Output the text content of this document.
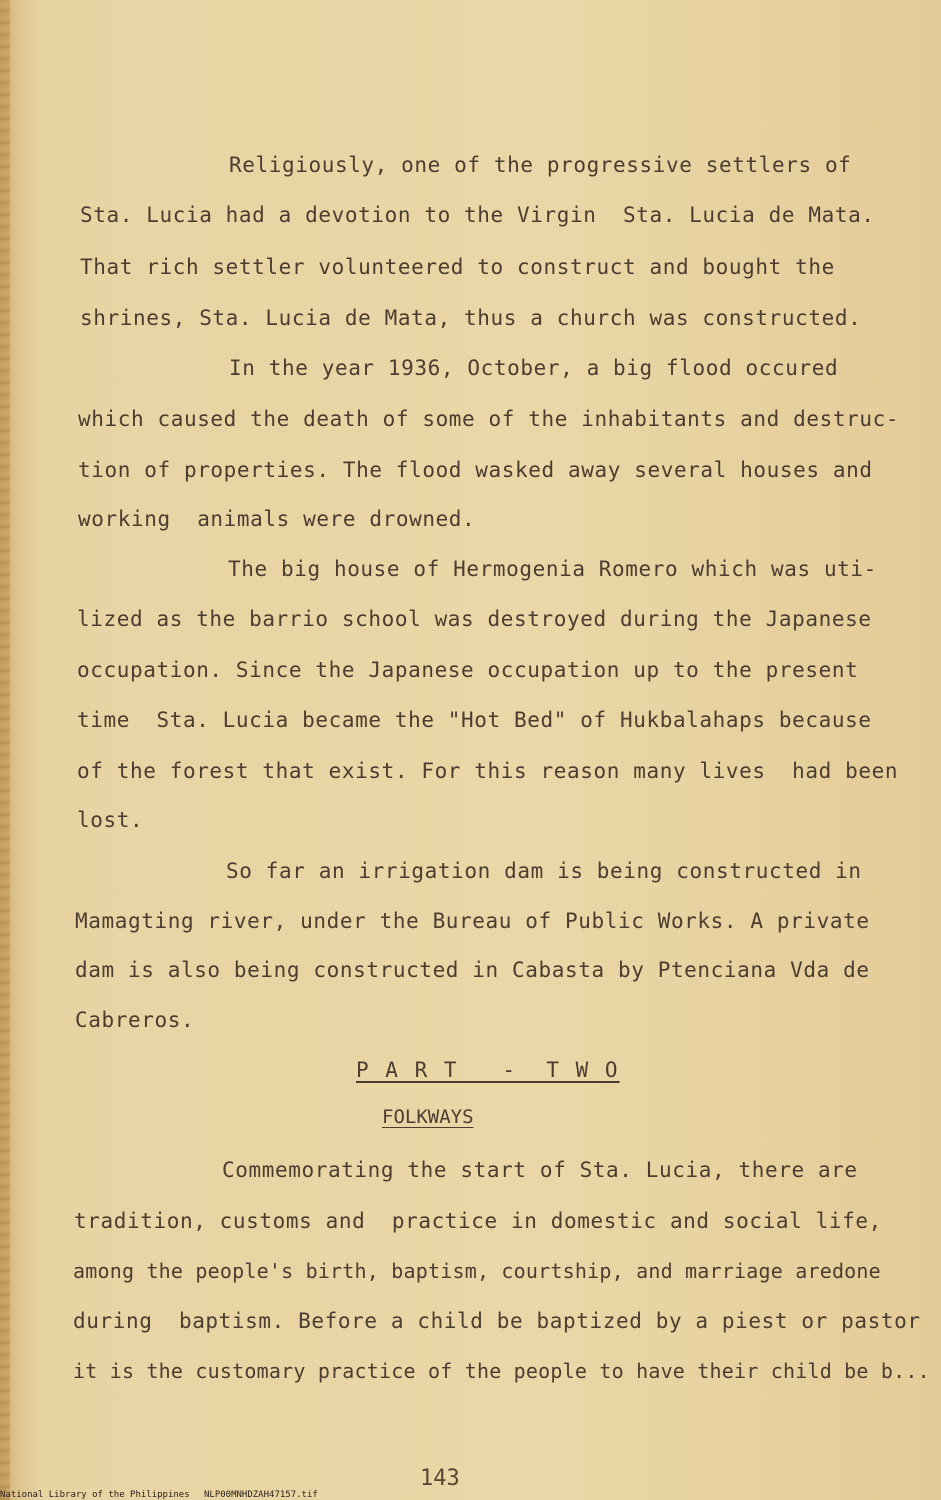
Religiously, one of the progressive settlers of
Sta. Lucia had a devotion to the Virgin  Sta. Lucia de Mata.
That rich settler volunteered to construct and bought the
shrines, Sta. Lucia de Mata, thus a church was constructed.
In the year 1936, October, a big flood occured
which caused the death of some of the inhabitants and destruc-
tion of properties. The flood wasked away several houses and
working  animals were drowned.
The big house of Hermogenia Romero which was uti-
lized as the barrio school was destroyed during the Japanese
occupation. Since the Japanese occupation up to the present
time  Sta. Lucia became the "Hot Bed" of Hukbalahaps because
of the forest that exist. For this reason many lives  had been
lost.
So far an irrigation dam is being constructed in
Mamagting river, under the Bureau of Public Works. A private
dam is also being constructed in Cabasta by Ptenciana Vda de
Cabreros.
P A R T   -  T W O
FOLKWAYS
Commemorating the start of Sta. Lucia, there are
tradition, customs and  practice in domestic and social life,
among the people's birth, baptism, courtship, and marriage aredone
during  baptism. Before a child be baptized by a piest or pastor
it is the customary practice of the people to have their child be b...
143
National Library of the Philippines NLP00MNHDZAH47157.tif
